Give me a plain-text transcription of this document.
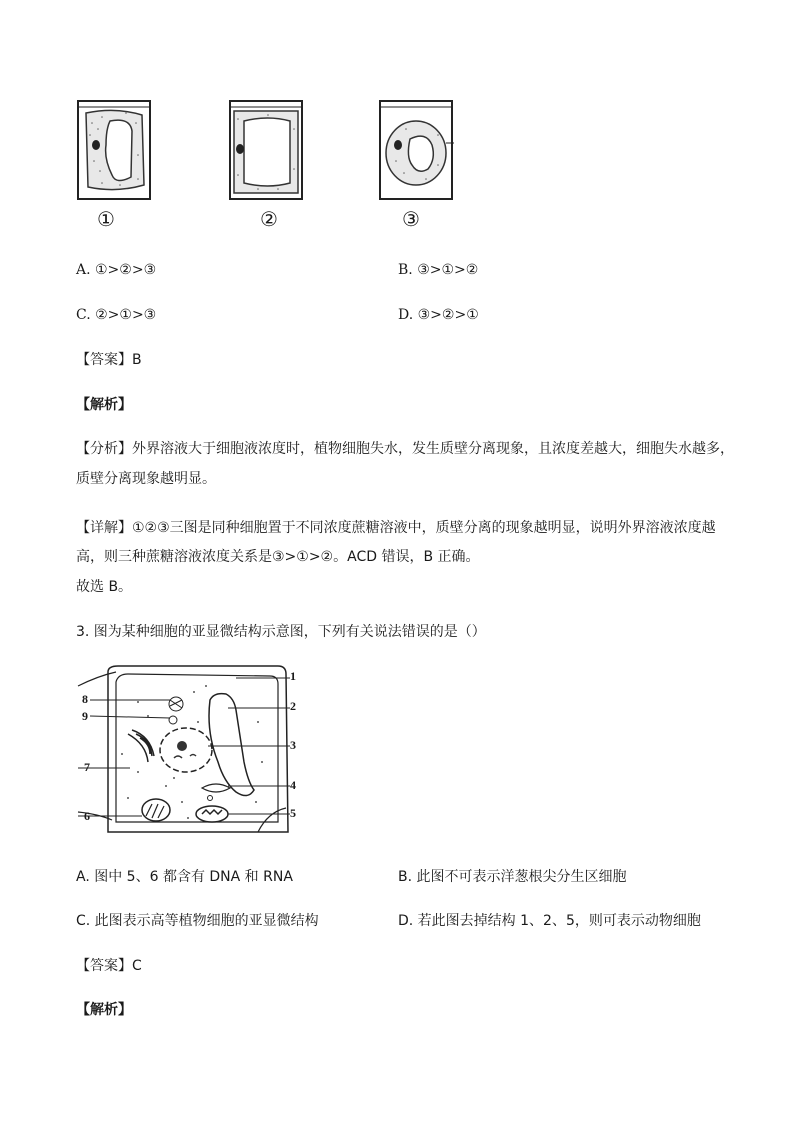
①	②	③
A. ①>②>③	B. ③>①>②
C. ②>①>③	D. ③>②>①
【答案】B
【解析】
【分析】外界溶液大于细胞液浓度时，植物细胞失水，发生质壁分离现象，且浓度差越大，细胞失水越多，
质壁分离现象越明显。
【详解】①②③三图是同种细胞置于不同浓度蔗糖溶液中，质壁分离的现象越明显，说明外界溶液浓度越
高，则三种蔗糖溶液浓度关系是③>①>②。ACD 错误，B 正确。
故选 B。
3. 图为某种细胞的亚显微结构示意图，下列有关说法错误的是（）
1
2
3
4
5
6
7
8
9
A. 图中 5、6 都含有 DNA 和 RNA	B. 此图不可表示洋葱根尖分生区细胞
C. 此图表示高等植物细胞的亚显微结构	D. 若此图去掉结构 1、2、5，则可表示动物细胞
【答案】C
【解析】
